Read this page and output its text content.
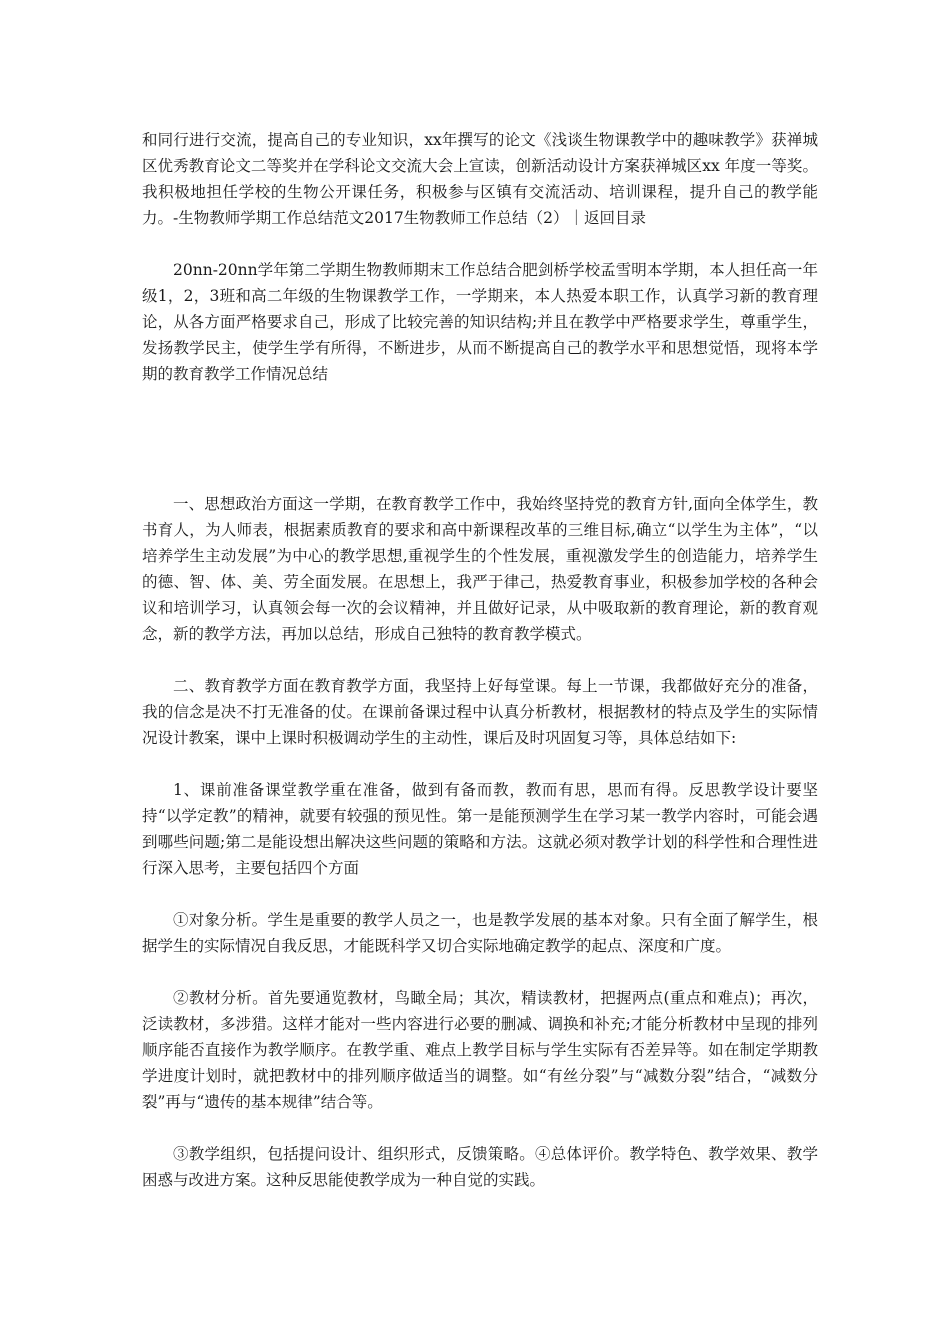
和同行进行交流，提高自己的专业知识，xx年撰写的论文《浅谈生物课教学中的趣味教学》获禅城区优秀教育论文二等奖并在学科论文交流大会上宣读，创新活动设计方案获禅城区xx 年度一等奖。我积极地担任学校的生物公开课任务，积极参与区镇有交流活动、培训课程，提升自己的教学能力。-生物教师学期工作总结范文2017生物教师工作总结（2）｜返回目录

20nn-20nn学年第二学期生物教师期末工作总结合肥剑桥学校孟雪明本学期，本人担任高一年级1，2，3班和高二年级的生物课教学工作，一学期来，本人热爱本职工作，认真学习新的教育理论，从各方面严格要求自己，形成了比较完善的知识结构;并且在教学中严格要求学生，尊重学生，发扬教学民主，使学生学有所得，不断进步，从而不断提高自己的教学水平和思想觉悟，现将本学期的教育教学工作情况总结

一、思想政治方面这一学期，在教育教学工作中，我始终坚持党的教育方针,面向全体学生，教书育人，为人师表，根据素质教育的要求和高中新课程改革的三维目标,确立“以学生为主体”，“以培养学生主动发展”为中心的教学思想,重视学生的个性发展，重视激发学生的创造能力，培养学生的德、智、体、美、劳全面发展。在思想上，我严于律己，热爱教育事业，积极参加学校的各种会议和培训学习，认真领会每一次的会议精神，并且做好记录，从中吸取新的教育理论，新的教育观念，新的教学方法，再加以总结，形成自己独特的教育教学模式。

二、教育教学方面在教育教学方面，我坚持上好每堂课。每上一节课，我都做好充分的准备，我的信念是决不打无准备的仗。在课前备课过程中认真分析教材，根据教材的特点及学生的实际情况设计教案，课中上课时积极调动学生的主动性，课后及时巩固复习等，具体总结如下:

1、课前准备课堂教学重在准备，做到有备而教，教而有思，思而有得。反思教学设计要坚持“以学定教”的精神，就要有较强的预见性。第一是能预测学生在学习某一教学内容时，可能会遇到哪些问题;第二是能设想出解决这些问题的策略和方法。这就必须对教学计划的科学性和合理性进行深入思考，主要包括四个方面

①对象分析。学生是重要的教学人员之一，也是教学发展的基本对象。只有全面了解学生，根据学生的实际情况自我反思，才能既科学又切合实际地确定教学的起点、深度和广度。

②教材分析。首先要通览教材，鸟瞰全局；其次，精读教材，把握两点(重点和难点)；再次，泛读教材，多涉猎。这样才能对一些内容进行必要的删减、调换和补充;才能分析教材中呈现的排列顺序能否直接作为教学顺序。在教学重、难点上教学目标与学生实际有否差异等。如在制定学期教学进度计划时，就把教材中的排列顺序做适当的调整。如“有丝分裂”与“减数分裂”结合，“减数分裂”再与“遗传的基本规律”结合等。

③教学组织，包括提问设计、组织形式，反馈策略。④总体评价。教学特色、教学效果、教学困惑与改进方案。这种反思能使教学成为一种自觉的实践。
